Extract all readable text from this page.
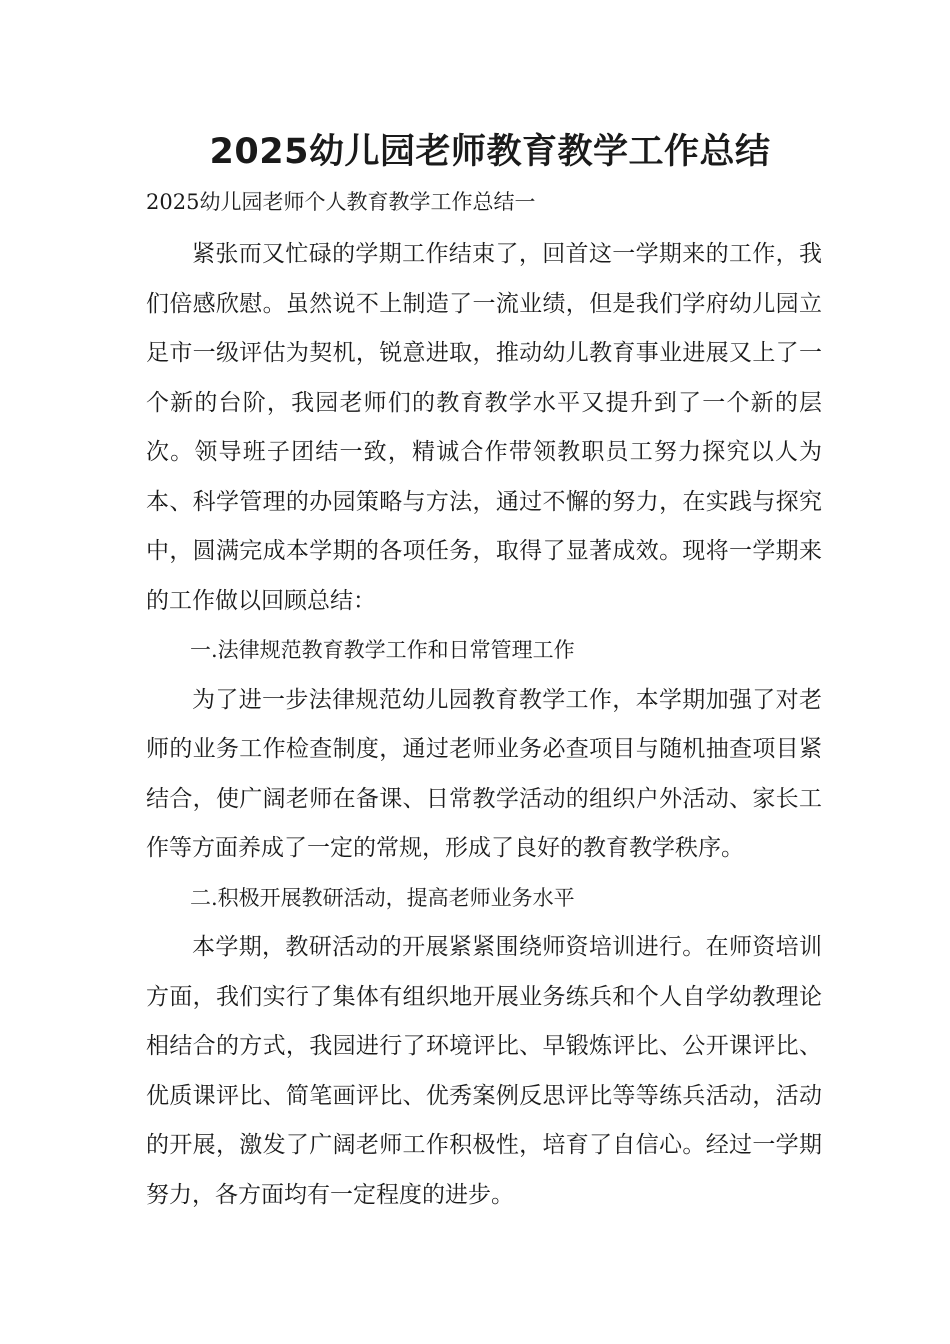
2025幼儿园老师教育教学工作总结

2025幼儿园老师个人教育教学工作总结一

紧张而又忙碌的学期工作结束了，回首这一学期来的工作，我们倍感欣慰。虽然说不上制造了一流业绩，但是我们学府幼儿园立足市一级评估为契机，锐意进取，推动幼儿教育事业进展又上了一个新的台阶，我园老师们的教育教学水平又提升到了一个新的层次。领导班子团结一致，精诚合作带领教职员工努力探究以人为本、科学管理的办园策略与方法，通过不懈的努力，在实践与探究中，圆满完成本学期的各项任务，取得了显著成效。现将一学期来的工作做以回顾总结：

一.法律规范教育教学工作和日常管理工作

为了进一步法律规范幼儿园教育教学工作，本学期加强了对老师的业务工作检查制度，通过老师业务必查项目与随机抽查项目紧结合，使广阔老师在备课、日常教学活动的组织户外活动、家长工作等方面养成了一定的常规，形成了良好的教育教学秩序。

二.积极开展教研活动，提高老师业务水平

本学期，教研活动的开展紧紧围绕师资培训进行。在师资培训方面，我们实行了集体有组织地开展业务练兵和个人自学幼教理论相结合的方式，我园进行了环境评比、早锻炼评比、公开课评比、优质课评比、简笔画评比、优秀案例反思评比等等练兵活动，活动的开展，激发了广阔老师工作积极性，培育了自信心。经过一学期努力，各方面均有一定程度的进步。
